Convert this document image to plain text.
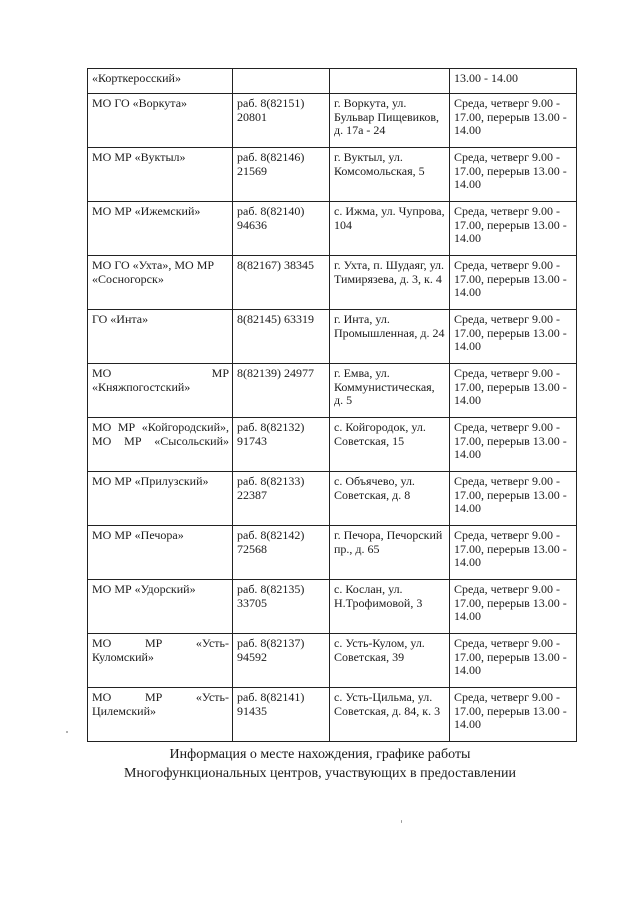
«Корткеросский»			13.00 - 14.00
МО ГО «Воркута»	раб. 8(82151) 20801	г. Воркута, ул. Бульвар Пищевиков, д. 17а - 24	Среда, четверг 9.00 - 17.00, перерыв 13.00 - 14.00
МО МР «Вуктыл»	раб. 8(82146) 21569	г. Вуктыл, ул. Комсомольская, 5	Среда, четверг 9.00 - 17.00, перерыв 13.00 - 14.00
МО МР «Ижемский»	раб. 8(82140) 94636	с. Ижма, ул. Чупрова, 104	Среда, четверг 9.00 - 17.00, перерыв 13.00 - 14.00
МО ГО «Ухта», МО МР «Сосногорск»	8(82167) 38345	г. Ухта, п. Шудаяг, ул. Тимирязева, д. 3, к. 4	Среда, четверг 9.00 - 17.00, перерыв 13.00 - 14.00
ГО «Инта»	8(82145) 63319	г. Инта, ул. Промышленная, д. 24	Среда, четверг 9.00 - 17.00, перерыв 13.00 - 14.00
МО МР «Княжпогостский»	8(82139) 24977	г. Емва, ул. Коммунистическая, д. 5	Среда, четверг 9.00 - 17.00, перерыв 13.00 - 14.00
МО МР «Койгородский», МО МР «Сысольский»	раб. 8(82132) 91743	с. Койгородок, ул. Советская, 15	Среда, четверг 9.00 - 17.00, перерыв 13.00 - 14.00
МО МР «Прилузский»	раб. 8(82133) 22387	с. Объячево, ул. Советская, д. 8	Среда, четверг 9.00 - 17.00, перерыв 13.00 - 14.00
МО МР «Печора»	раб. 8(82142) 72568	г. Печора, Печорский пр., д. 65	Среда, четверг 9.00 - 17.00, перерыв 13.00 - 14.00
МО МР «Удорский»	раб. 8(82135) 33705	с. Кослан, ул. Н.Трофимовой, 3	Среда, четверг 9.00 - 17.00, перерыв 13.00 - 14.00
МО МР «Усть-Куломский»	раб. 8(82137) 94592	с. Усть-Кулом, ул. Советская, 39	Среда, четверг 9.00 - 17.00, перерыв 13.00 - 14.00
МО МР «Усть-Цилемский»	раб. 8(82141) 91435	с. Усть-Цильма, ул. Советская, д. 84, к. 3	Среда, четверг 9.00 - 17.00, перерыв 13.00 - 14.00
Информация о месте нахождения, графике работы
Многофункциональных центров, участвующих в предоставлении
